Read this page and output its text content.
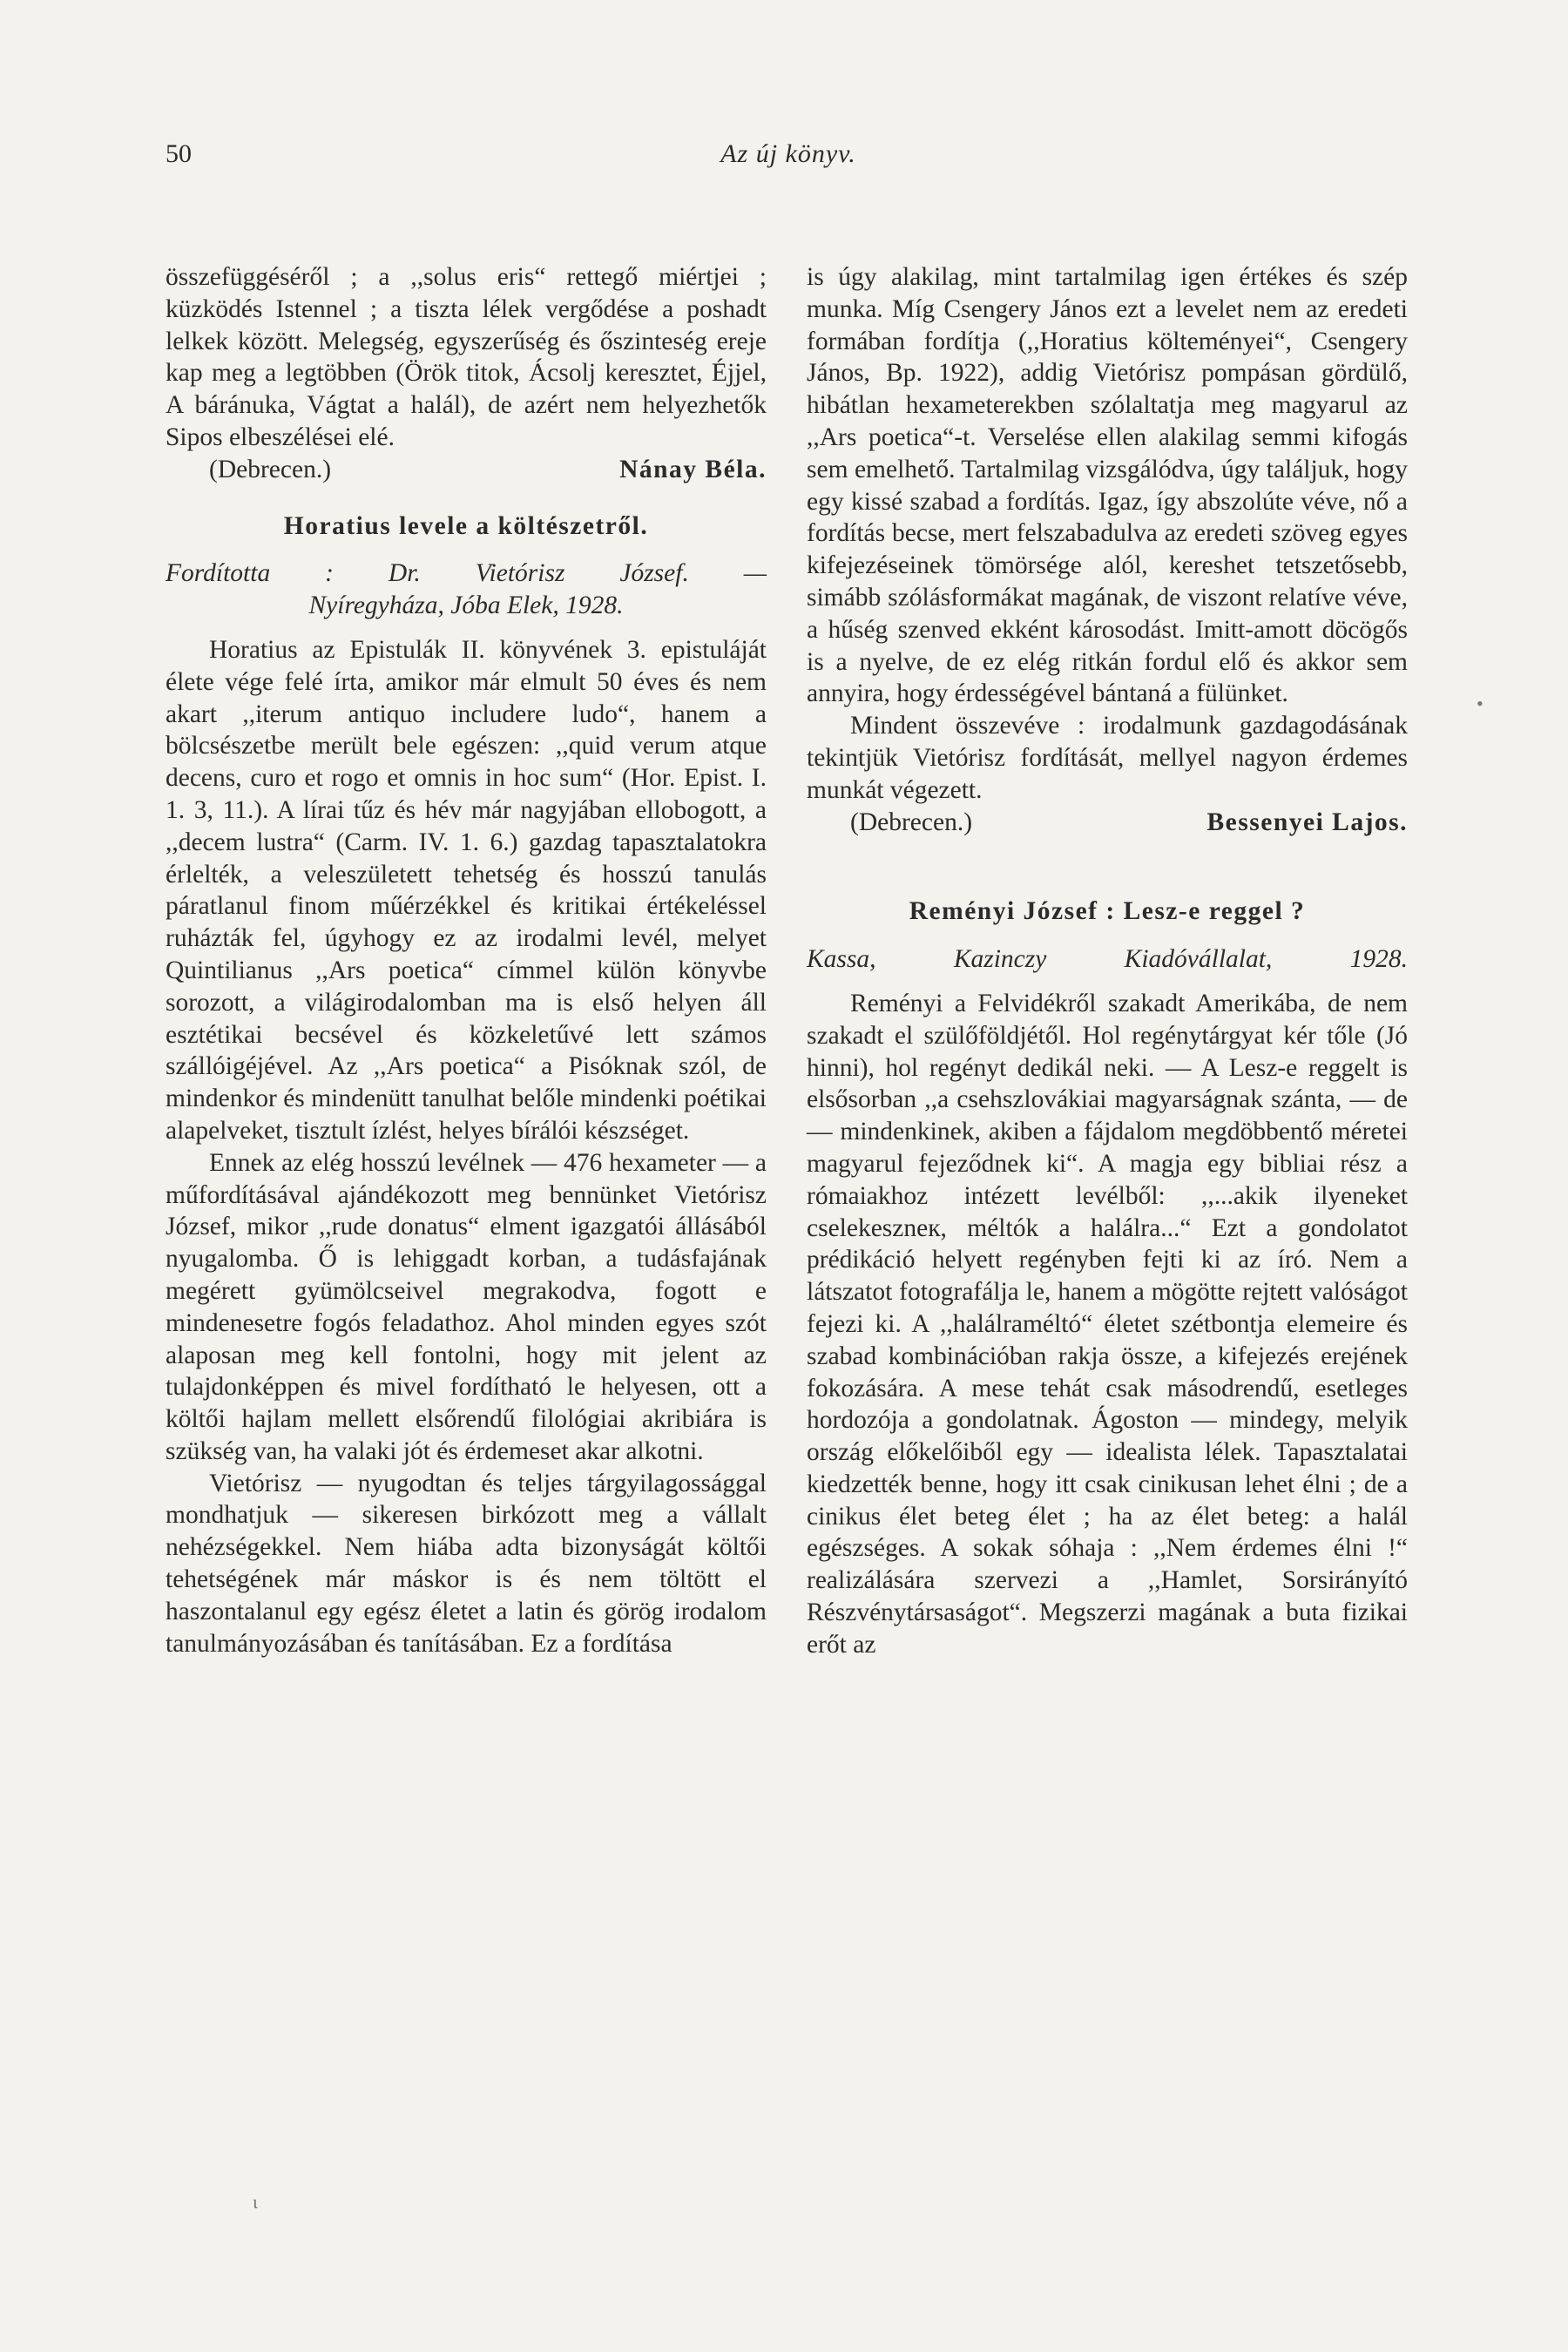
50	Az új könyv.

összefüggéséről ; a ,,solus eris“ rettegő miértjei ; küzködés Istennel ; a tiszta lélek vergődése a poshadt lelkek között. Melegség, egyszerűség és őszinteség ereje kap meg a legtöbben (Örök titok, Ácsolj keresztet, Éjjel, A báránuka, Vágtat a halál), de azért nem helyezhetők Sipos elbeszélései elé.

(Debrecen.)	Nánay Béla.
Horatius levele a költészetről.
Fordította : Dr. Vietórisz József. —
Nyíregyháza, Jóba Elek, 1928.

Horatius az Epistulák II. könyvének 3. epistuláját élete vége felé írta, amikor már elmult 50 éves és nem akart ,,iterum antiquo includere ludo“, hanem a bölcsészetbe merült bele egészen: ,,quid verum atque decens, curo et rogo et omnis in hoc sum“ (Hor. Epist. I. 1. 3, 11.). A lírai tűz és hév már nagyjában ellobogott, a ,,decem lustra“ (Carm. IV. 1. 6.) gazdag tapasztalatokra érlelték, a veleszületett tehetség és hosszú tanulás páratlanul finom műérzékkel és kritikai értékeléssel ruházták fel, úgyhogy ez az irodalmi levél, melyet Quintilianus ,,Ars poetica“ címmel külön könyvbe sorozott, a világirodalomban ma is első helyen áll esztétikai becsével és közkeletűvé lett számos szállóigéjével. Az ,,Ars poetica“ a Pisóknak szól, de mindenkor és mindenütt tanulhat belőle mindenki poétikai alapelveket, tisztult ízlést, helyes bírálói készséget.

Ennek az elég hosszú levélnek — 476 hexameter — a műfordításával ajándékozott meg bennünket Vietórisz József, mikor ,,rude donatus“ elment igazgatói állásából nyugalomba. Ő is lehiggadt korban, a tudásfajának megérett gyümölcseivel megrakodva, fogott e mindenesetre fogós feladathoz. Ahol minden egyes szót alaposan meg kell fontolni, hogy mit jelent az tulajdonképpen és mivel fordítható le helyesen, ott a költői hajlam mellett elsőrendű filológiai akribiára is szükség van, ha valaki jót és érdemeset akar alkotni.

Vietórisz — nyugodtan és teljes tárgyilagossággal mondhatjuk — sikeresen birkózott meg a vállalt nehézségekkel. Nem hiába adta bizonyságát költői tehetségének már máskor is és nem töltött el haszontalanul egy egész életet a latin és görög irodalom tanulmányozásában és tanításában. Ez a fordítása

is úgy alakilag, mint tartalmilag igen értékes és szép munka. Míg Csengery János ezt a levelet nem az eredeti formában fordítja (,,Horatius költeményei“, Csengery János, Bp. 1922), addig Vietórisz pompásan gördülő, hibátlan hexameterekben szólaltatja meg magyarul az ,,Ars poetica“-t. Verselése ellen alakilag semmi kifogás sem emelhető. Tartalmilag vizsgálódva, úgy találjuk, hogy egy kissé szabad a fordítás. Igaz, így abszolúte véve, nő a fordítás becse, mert felszabadulva az eredeti szöveg egyes kifejezéseinek tömörsége alól, kereshet tetszetősebb, simább szólásformákat magának, de viszont relatíve véve, a hűség szenved ekként károsodást. Imitt-amott döcögős is a nyelve, de ez elég ritkán fordul elő és akkor sem annyira, hogy érdességével bántaná a fülünket.

Mindent összevéve : irodalmunk gazdagodásának tekintjük Vietórisz fordítását, mellyel nagyon érdemes munkát végezett.

(Debrecen.)	Bessenyei Lajos.
Reményi József : Lesz-e reggel ?
Kassa, Kazinczy Kiadóvállalat, 1928.

Reményi a Felvidékről szakadt Amerikába, de nem szakadt el szülőföldjétől. Hol regénytárgyat kér tőle (Jó hinni), hol regényt dedikál neki. — A Lesz-e reggelt is elsősorban ,,a csehszlovákiai magyarságnak szánta, — de — mindenkinek, akiben a fájdalom megdöbbentő méretei magyarul fejeződnek ki“. A magja egy bibliai rész a rómaiakhoz intézett levélből: ,,...akik ilyeneket cselekeszneк, méltók a halálra...“ Ezt a gondolatot prédikáció helyett regényben fejti ki az író. Nem a látszatot fotografálja le, hanem a mögötte rejtett valóságot fejezi ki. A ,,halálraméltó“ életet szétbontja elemeire és szabad kombinációban rakja össze, a kifejezés erejének fokozására. A mese tehát csak másodrendű, esetleges hordozója a gondolatnak. Ágoston — mindegy, melyik ország előkelőiből egy — idealista lélek. Tapasztalatai kiedzették benne, hogy itt csak cinikusan lehet élni ; de a cinikus élet beteg élet ; ha az élet beteg: a halál egészséges. A sokak sóhaja : ,,Nem érdemes élni !“ realizálására szervezi a ,,Hamlet, Sorsirányító Részvénytársaságot“. Megszerzi magának a buta fizikai erőt az

•
ι
